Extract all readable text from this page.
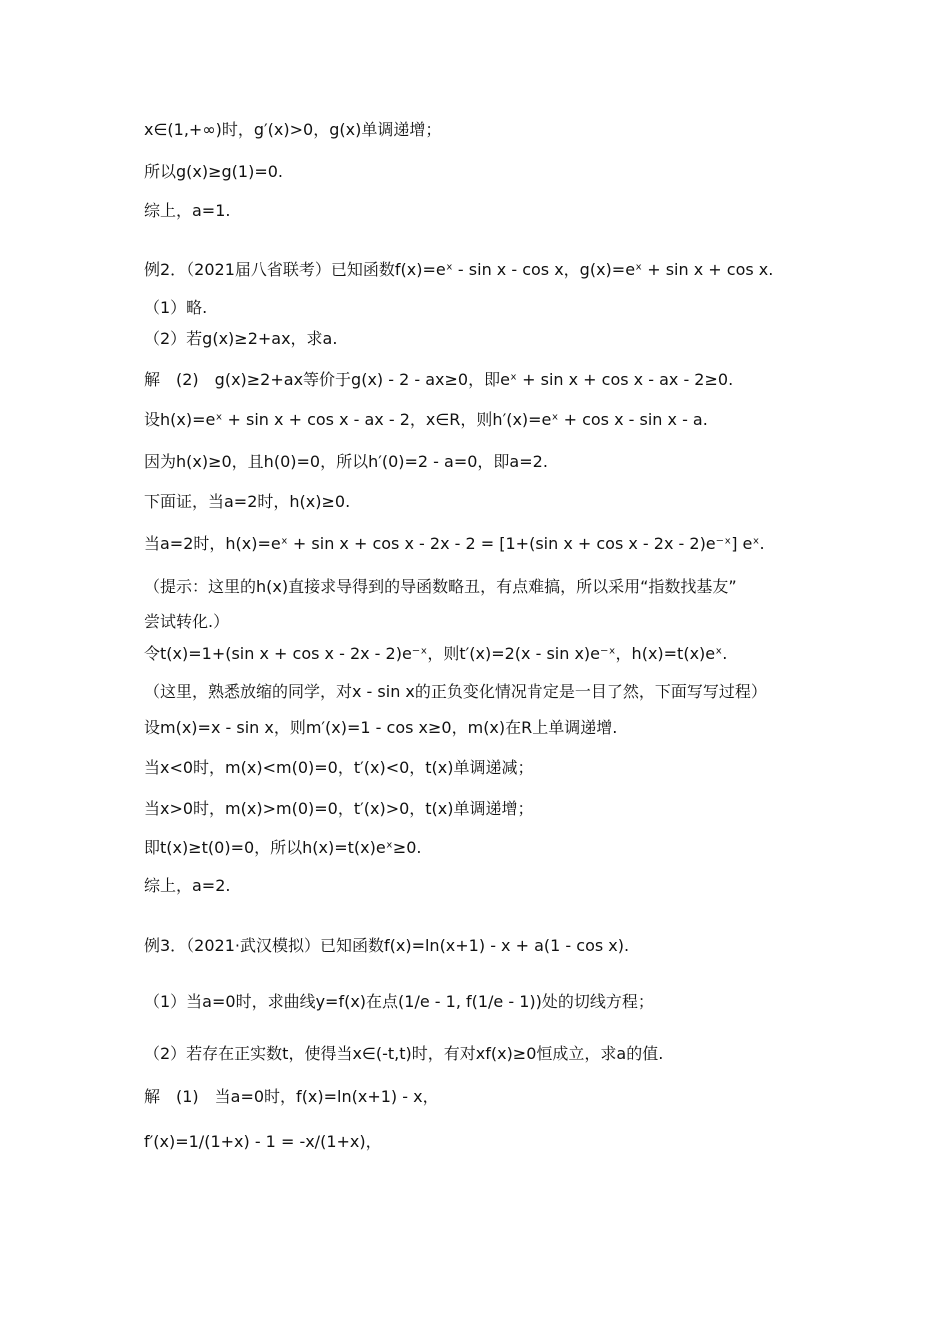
x∈(1,+∞)时，g′(x)>0，g(x)单调递增；
所以g(x)≥g(1)=0.
综上，a=1.
例2．（2021届八省联考）已知函数f(x)=eˣ - sin x - cos x，g(x)=eˣ + sin x + cos x.
（1）略.
（2）若g(x)≥2+ax，求a.
解　(2)　g(x)≥2+ax等价于g(x) - 2 - ax≥0，即eˣ + sin x + cos x - ax - 2≥0.
设h(x)=eˣ + sin x + cos x - ax - 2，x∈R，则h′(x)=eˣ + cos x - sin x - a.
因为h(x)≥0，且h(0)=0，所以h′(0)=2 - a=0，即a=2.
下面证，当a=2时，h(x)≥0.
当a=2时，h(x)=eˣ + sin x + cos x - 2x - 2 = [1+(sin x + cos x - 2x - 2)e⁻ˣ] eˣ.
（提示：这里的h(x)直接求导得到的导函数略丑，有点难搞，所以采用“指数找基友”
尝试转化.）
令t(x)=1+(sin x + cos x - 2x - 2)e⁻ˣ，则t′(x)=2(x - sin x)e⁻ˣ，h(x)=t(x)eˣ.
（这里，熟悉放缩的同学，对x - sin x的正负变化情况肯定是一目了然，下面写写过程）
设m(x)=x - sin x，则m′(x)=1 - cos x≥0，m(x)在R上单调递增.
当x<0时，m(x)<m(0)=0，t′(x)<0，t(x)单调递减；
当x>0时，m(x)>m(0)=0，t′(x)>0，t(x)单调递增；
即t(x)≥t(0)=0，所以h(x)=t(x)eˣ≥0.
综上，a=2.
例3．（2021·武汉模拟）已知函数f(x)=ln(x+1) - x + a(1 - cos x).
（1）当a=0时，求曲线y=f(x)在点(1/e - 1, f(1/e - 1))处的切线方程；
（2）若存在正实数t，使得当x∈(-t,t)时，有对xf(x)≥0恒成立，求a的值.
解　(1)　当a=0时，f(x)=ln(x+1) - x，
f′(x)=1/(1+x) - 1 = -x/(1+x)，
